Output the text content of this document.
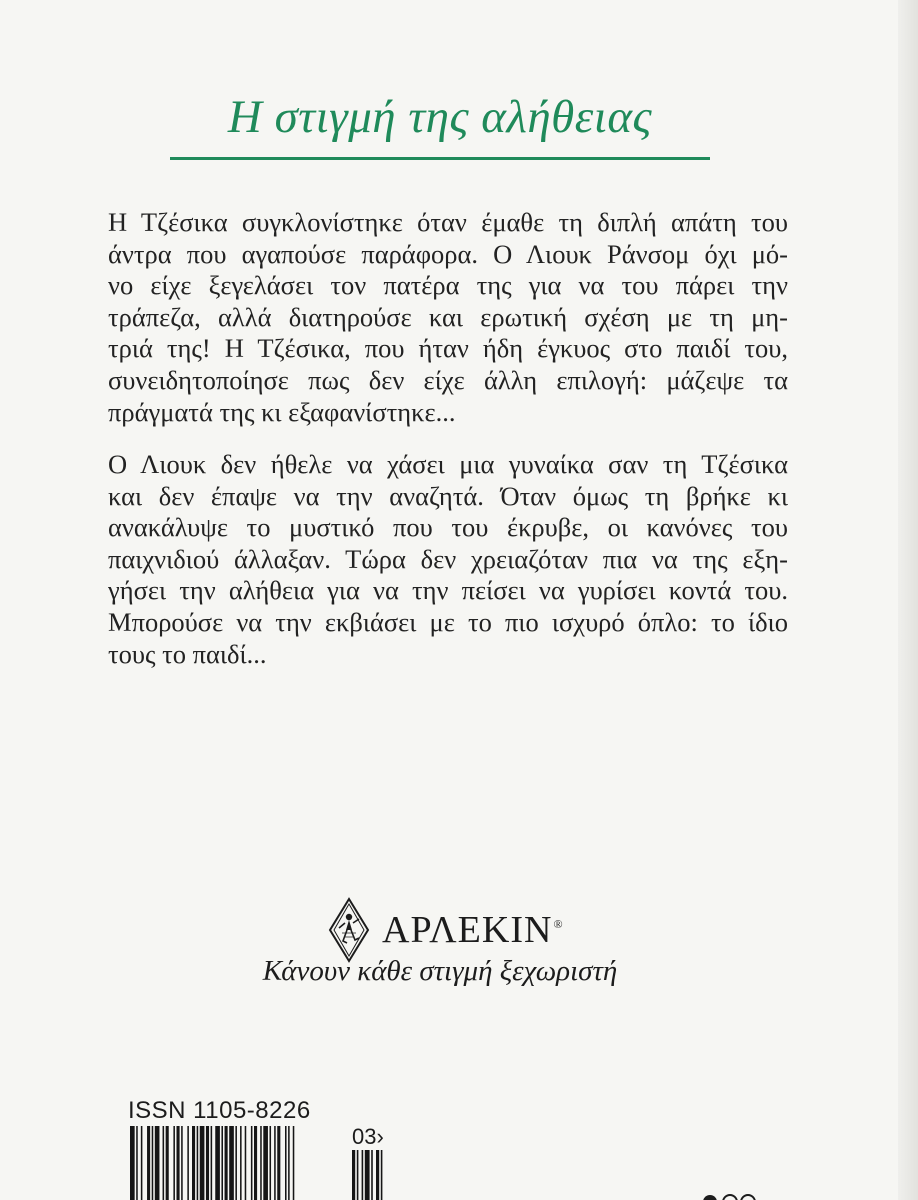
Η στιγμή της αλήθειας

Η Τζέσικα συγκλονίστηκε όταν έμαθε τη διπλή απάτη του
άντρα που αγαπούσε παράφορα. Ο Λιουκ Ράνσομ όχι μό-
νο είχε ξεγελάσει τον πατέρα της για να του πάρει την
τράπεζα, αλλά διατηρούσε και ερωτική σχέση με τη μη-
τριά της! Η Τζέσικα, που ήταν ήδη έγκυος στο παιδί του,
συνειδητοποίησε πως δεν είχε άλλη επιλογή: μάζεψε τα
πράγματά της κι εξαφανίστηκε...

Ο Λιουκ δεν ήθελε να χάσει μια γυναίκα σαν τη Τζέσικα
και δεν έπαψε να την αναζητά. Όταν όμως τη βρήκε κι
ανακάλυψε το μυστικό που του έκρυβε, οι κανόνες του
παιχνιδιού άλλαξαν. Τώρα δεν χρειαζόταν πια να της εξη-
γήσει την αλήθεια για να την πείσει να γυρίσει κοντά του.
Μπορούσε να την εκβιάσει με το πιο ισχυρό όπλο: το ίδιο
τους το παιδί...

ΑΡΛΕΚΙΝ®
Κάνουν κάθε στιγμή ξεχωριστή
ISSN 1105-8226
03›
